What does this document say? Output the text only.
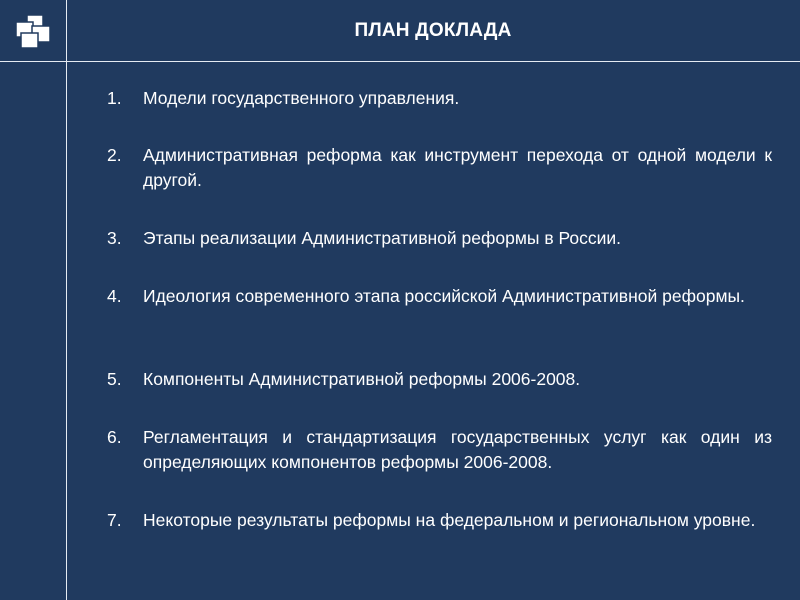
ПЛАН ДОКЛАДА
1.	Модели государственного управления.
2.	Административная реформа как инструмент перехода от одной модели к другой.
3.	Этапы реализации Административной реформы в России.
4.	Идеология современного этапа российской Административной реформы.
5.	Компоненты Административной реформы 2006-2008.
6.	Регламентация и стандартизация государственных услуг как один из определяющих компонентов реформы 2006-2008.
7.	Некоторые результаты реформы на федеральном и региональном уровне.
